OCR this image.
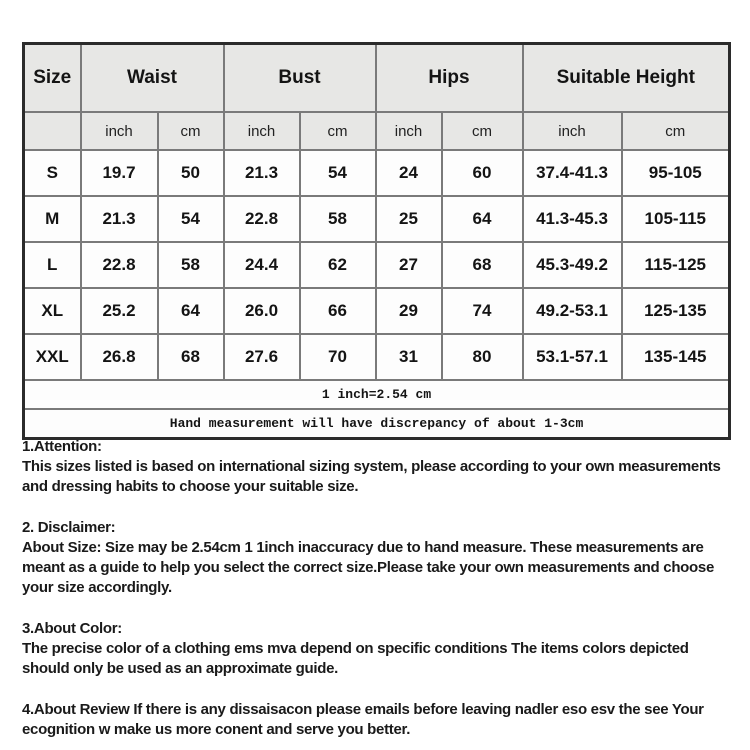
Size	Waist		Bust		Hips		Suitable Height	
	inch	cm	inch	cm	inch	cm	inch	cm
S	19.7	50	21.3	54	24	60	37.4-41.3	95-105
M	21.3	54	22.8	58	25	64	41.3-45.3	105-115
L	22.8	58	24.4	62	27	68	45.3-49.2	115-125
XL	25.2	64	26.0	66	29	74	49.2-53.1	125-135
XXL	26.8	68	27.6	70	31	80	53.1-57.1	135-145
1 inch=2.54 cm								
Hand measurement will have discrepancy of about 1-3cm								
1.Attention:

This sizes listed is based on international sizing system, please according to your own measurements and dressing habits to choose your suitable size.

2. Disclaimer:

About Size: Size may be 2.54cm 1 1inch inaccuracy due to hand measure. These measurements are meant as a guide to help you select the correct size.Please take your own measurements and choose your size accordingly.

3.About Color:

The precise color of a clothing ems mva depend on specific conditions The items colors depicted should only be used as an approximate guide.

4.About Review If there is any dissaisacon please emails before leaving nadler eso esv the see Your ecognition w make us more conent and serve you better.
